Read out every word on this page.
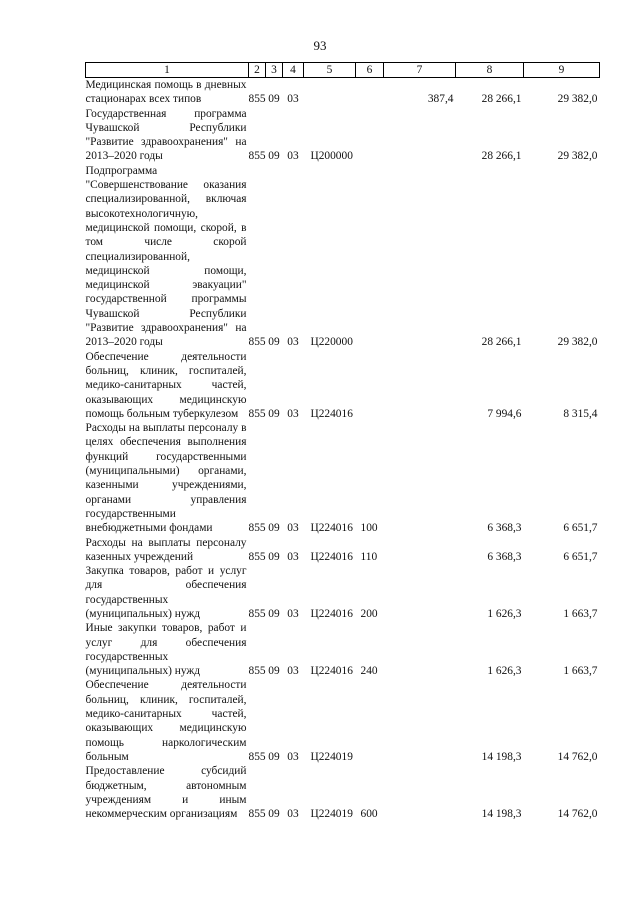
93
1	2	3	4	5	6	7	8	9
Медицинская помощь в дневных стационарах всех типов	855	09	03			387,4	28 266,1	29 382,0
Государственная программа Чувашской Республики "Развитие здравоохранения" на 2013–2020 годы	855	09	03	Ц200000			28 266,1	29 382,0
Подпрограмма "Совершенствование оказания специализированной, включая высокотехнологичную, медицинской помощи, скорой, в том числе скорой специализированной, медицинской помощи, медицинской эвакуации" государственной программы Чувашской Республики "Развитие здравоохранения" на 2013–2020 годы	855	09	03	Ц220000			28 266,1	29 382,0
Обеспечение деятельности больниц, клиник, госпиталей, медико-санитарных частей, оказывающих медицинскую помощь больным туберкулезом	855	09	03	Ц224016			7 994,6	8 315,4
Расходы на выплаты персоналу в целях обеспечения выполнения функций государственными (муниципальными) органами, казенными учреждениями, органами управления государственными внебюджетными фондами	855	09	03	Ц224016	100		6 368,3	6 651,7
Расходы на выплаты персоналу казенных учреждений	855	09	03	Ц224016	110		6 368,3	6 651,7
Закупка товаров, работ и услуг для обеспечения государственных (муниципальных) нужд	855	09	03	Ц224016	200		1 626,3	1 663,7
Иные закупки товаров, работ и услуг для обеспечения государственных (муниципальных) нужд	855	09	03	Ц224016	240		1 626,3	1 663,7
Обеспечение деятельности больниц, клиник, госпиталей, медико-санитарных частей, оказывающих медицинскую помощь наркологическим больным	855	09	03	Ц224019			14 198,3	14 762,0
Предоставление субсидий бюджетным, автономным учреждениям и иным некоммерческим организациям	855	09	03	Ц224019	600		14 198,3	14 762,0
